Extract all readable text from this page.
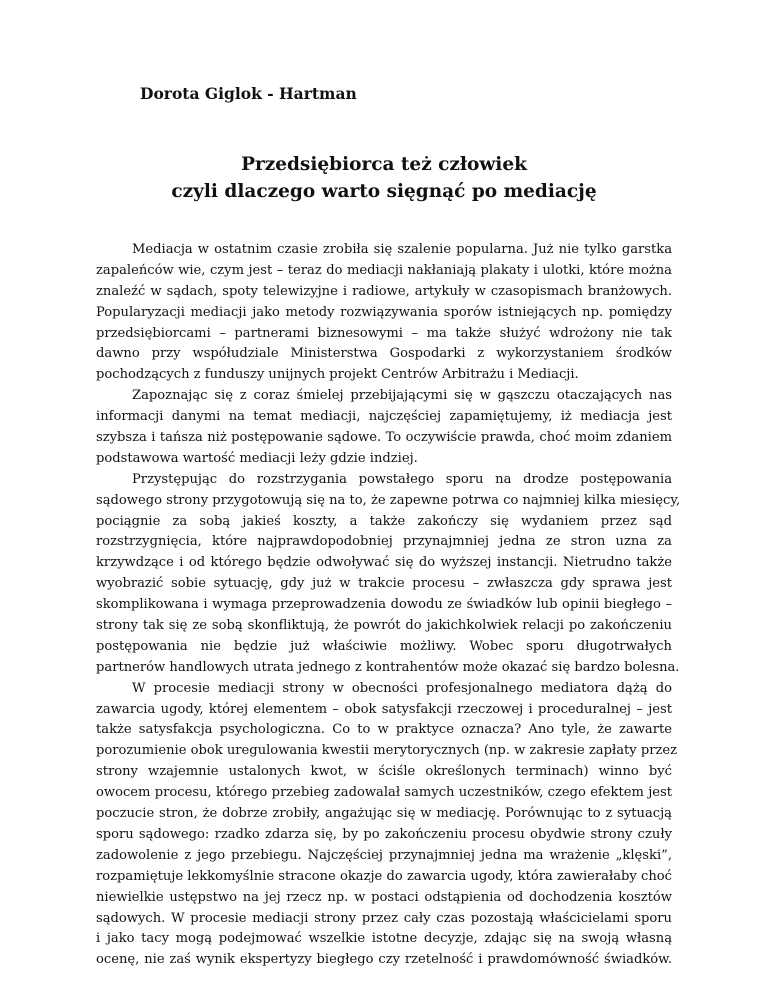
Dorota Giglok - Hartman
Przedsiębiorca też człowiek
czyli dlaczego warto sięgnąć po mediację
Mediacja w ostatnim czasie zrobiła się szalenie popularna. Już nie tylko garstka
zapaleńców wie, czym jest – teraz do mediacji nakłaniają plakaty i ulotki, które można
znaleźć w sądach, spoty telewizyjne i radiowe, artykuły w czasopismach branżowych.
Popularyzacji mediacji jako metody rozwiązywania sporów istniejących np. pomiędzy
przedsiębiorcami – partnerami biznesowymi – ma także służyć wdrożony nie tak
dawno przy współudziale Ministerstwa Gospodarki z wykorzystaniem środków
pochodzących z funduszy unijnych projekt Centrów Arbitrażu i Mediacji.
Zapoznając się z coraz śmielej przebijającymi się w gąszczu otaczających nas
informacji danymi na temat mediacji, najczęściej zapamiętujemy, iż mediacja jest
szybsza i tańsza niż postępowanie sądowe. To oczywiście prawda, choć moim zdaniem
podstawowa wartość mediacji leży gdzie indziej.
Przystępując do rozstrzygania powstałego sporu na drodze postępowania
sądowego strony przygotowują się na to, że zapewne potrwa co najmniej kilka miesięcy,
pociągnie za sobą jakieś koszty, a także zakończy się wydaniem przez sąd
rozstrzygnięcia, które najprawdopodobniej przynajmniej jedna ze stron uzna za
krzywdzące i od którego będzie odwoływać się do wyższej instancji. Nietrudno także
wyobrazić sobie sytuację, gdy już w trakcie procesu – zwłaszcza gdy sprawa jest
skomplikowana i wymaga przeprowadzenia dowodu ze świadków lub opinii biegłego –
strony tak się ze sobą skonfliktują, że powrót do jakichkolwiek relacji po zakończeniu
postępowania nie będzie już właściwie możliwy. Wobec sporu długotrwałych
partnerów handlowych utrata jednego z kontrahentów może okazać się bardzo bolesna.
W procesie mediacji strony w obecności profesjonalnego mediatora dążą do
zawarcia ugody, której elementem – obok satysfakcji rzeczowej i proceduralnej – jest
także satysfakcja psychologiczna. Co to w praktyce oznacza? Ano tyle, że zawarte
porozumienie obok uregulowania kwestii merytorycznych (np. w zakresie zapłaty przez
strony wzajemnie ustalonych kwot, w ściśle określonych terminach) winno być
owocem procesu, którego przebieg zadowalał samych uczestników, czego efektem jest
poczucie stron, że dobrze zrobiły, angażując się w mediację. Porównując to z sytuacją
sporu sądowego: rzadko zdarza się, by po zakończeniu procesu obydwie strony czuły
zadowolenie z jego przebiegu. Najczęściej przynajmniej jedna ma wrażenie „klęski”,
rozpamiętuje lekkomyślnie stracone okazje do zawarcia ugody, która zawierałaby choć
niewielkie ustępstwo na jej rzecz np. w postaci odstąpienia od dochodzenia kosztów
sądowych. W procesie mediacji strony przez cały czas pozostają właścicielami sporu
i jako tacy mogą podejmować wszelkie istotne decyzje, zdając się na swoją własną
ocenę, nie zaś wynik ekspertyzy biegłego czy rzetelność i prawdomówność świadków.
